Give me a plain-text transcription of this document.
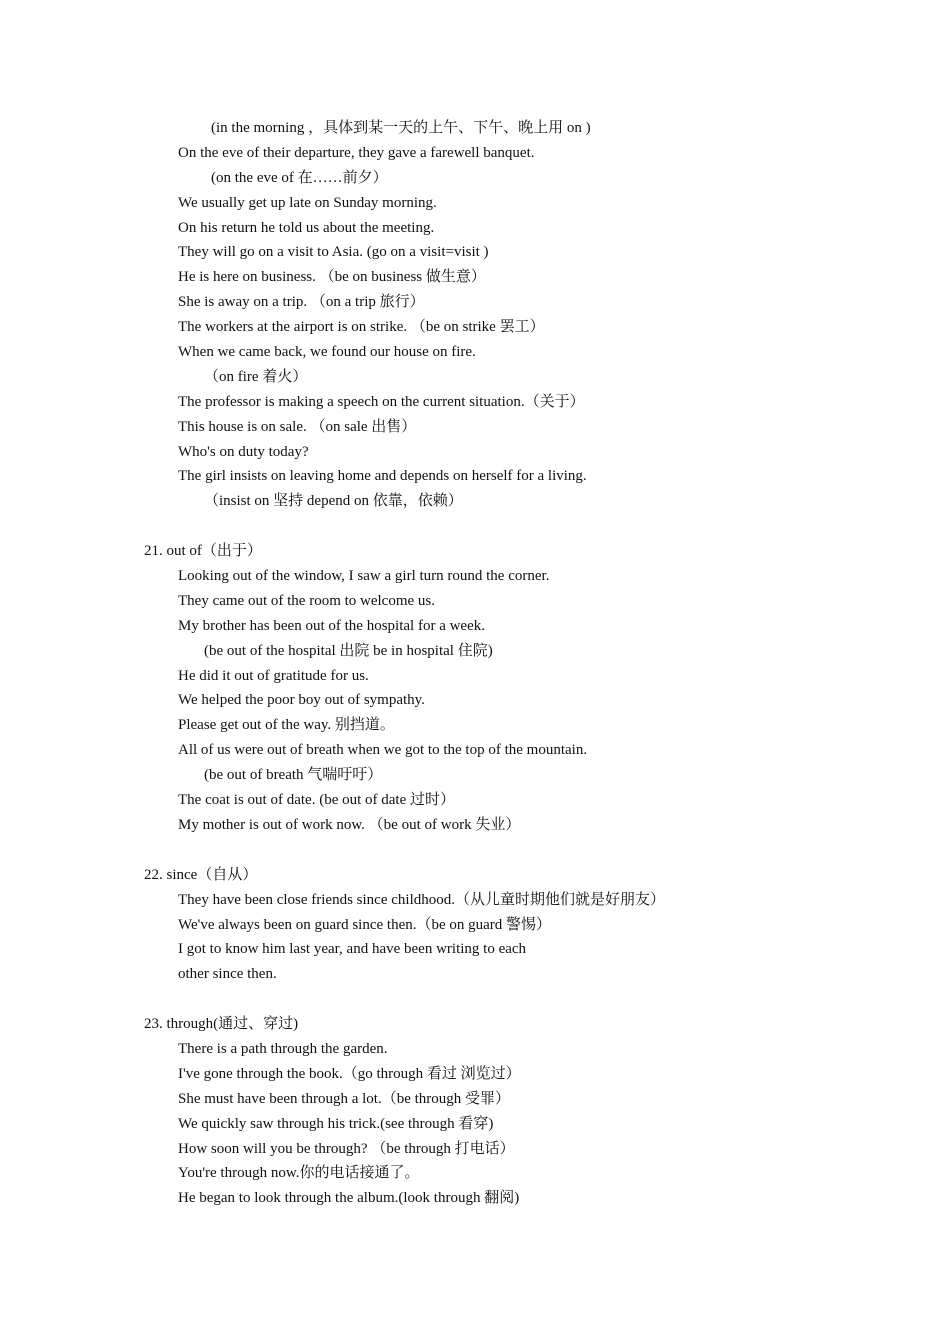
(in the morning ，具体到某一天的上午、下午、晚上用 on )
On the eve of their departure, they gave a farewell banquet.
(on the eve of 在……前夕）
We usually get up late on Sunday morning.
On his return he told us about the meeting.
They will go on a visit to Asia. (go on a visit=visit )
He is here on business. （be on business 做生意）
She is away on a trip. （on a trip 旅行）
The workers at the airport is on strike. （be on strike 罢工）
When we came back, we found our house on fire.
（on fire 着火）
The professor is making a speech on the current situation.（关于）
This house is on sale. （on sale 出售）
Who's on duty today?
The girl insists on leaving home and depends on herself for a living.
（insist on 坚持 depend on 依靠，依赖）
21. out of（出于）
Looking out of the window, I saw a girl turn round the corner.
They came out of the room to welcome us.
My brother has been out of the hospital for a week.
(be out of the hospital 出院 be in hospital 住院)
He did it out of gratitude for us.
We helped the poor boy out of sympathy.
Please get out of the way. 别挡道。
All of us were out of breath when we got to the top of the mountain.
(be out of breath 气喘吁吁）
The coat is out of date. (be out of date 过时）
My mother is out of work now. （be out of work 失业）
22. since（自从）
They have been close friends since childhood.（从儿童时期他们就是好朋友）
We've always been on guard since then.（be on guard 警惕）
I got to know him last year, and have been writing to each
other since then.
23. through(通过、穿过)
There is a path through the garden.
I've gone through the book.（go through 看过 浏览过）
She must have been through a lot.（be through 受罪）
We quickly saw through his trick.(see through 看穿)
How soon will you be through? （be through 打电话）
You're through now.你的电话接通了。
He began to look through the album.(look through 翻阅)
